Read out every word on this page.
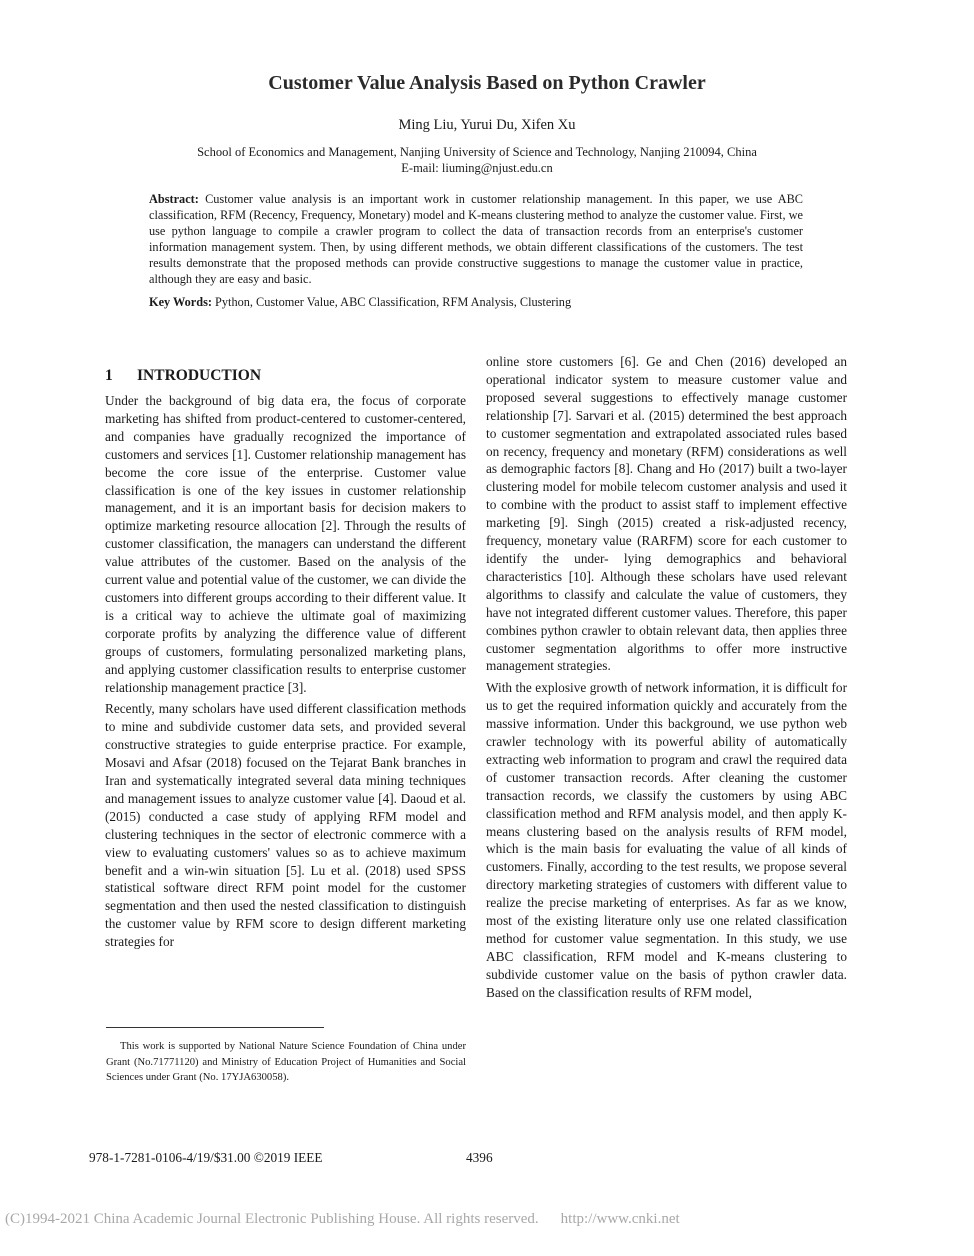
Customer Value Analysis Based on Python Crawler
Ming Liu, Yurui Du, Xifen Xu
School of Economics and Management, Nanjing University of Science and Technology, Nanjing 210094, China
E-mail: liuming@njust.edu.cn
Abstract: Customer value analysis is an important work in customer relationship management. In this paper, we use ABC classification, RFM (Recency, Frequency, Monetary) model and K-means clustering method to analyze the customer value. First, we use python language to compile a crawler program to collect the data of transaction records from an enterprise's customer information management system. Then, by using different methods, we obtain different classifications of the customers. The test results demonstrate that the proposed methods can provide constructive suggestions to manage the customer value in practice, although they are easy and basic.
Key Words: Python, Customer Value, ABC Classification, RFM Analysis, Clustering
1 INTRODUCTION

Under the background of big data era, the focus of corporate marketing has shifted from product-centered to customer-centered, and companies have gradually recognized the importance of customers and services [1]. Customer relationship management has become the core issue of the enterprise. Customer value classification is one of the key issues in customer relationship management, and it is an important basis for decision makers to optimize marketing resource allocation [2]. Through the results of customer classification, the managers can understand the different value attributes of the customer. Based on the analysis of the current value and potential value of the customer, we can divide the customers into different groups according to their different value. It is a critical way to achieve the ultimate goal of maximizing corporate profits by analyzing the difference value of different groups of customers, formulating personalized marketing plans, and applying customer classification results to enterprise customer relationship management practice [3].

Recently, many scholars have used different classification methods to mine and subdivide customer data sets, and provided several constructive strategies to guide enterprise practice. For example, Mosavi and Afsar (2018) focused on the Tejarat Bank branches in Iran and systematically integrated several data mining techniques and management issues to analyze customer value [4]. Daoud et al. (2015) conducted a case study of applying RFM model and clustering techniques in the sector of electronic commerce with a view to evaluating customers' values so as to achieve maximum benefit and a win-win situation [5]. Lu et al. (2018) used SPSS statistical software direct RFM point model for the customer segmentation and then used the nested classification to distinguish the customer value by RFM score to design different marketing strategies for

online store customers [6]. Ge and Chen (2016) developed an operational indicator system to measure customer value and proposed several suggestions to effectively manage customer relationship [7]. Sarvari et al. (2015) determined the best approach to customer segmentation and extrapolated associated rules based on recency, frequency and monetary (RFM) considerations as well as demographic factors [8]. Chang and Ho (2017) built a two-layer clustering model for mobile telecom customer analysis and used it to combine with the product to assist staff to implement effective marketing [9]. Singh (2015) created a risk-adjusted recency, frequency, monetary value (RARFM) score for each customer to identify the under- lying demographics and behavioral characteristics [10]. Although these scholars have used relevant algorithms to classify and calculate the value of customers, they have not integrated different customer values. Therefore, this paper combines python crawler to obtain relevant data, then applies three customer segmentation algorithms to offer more instructive management strategies.

With the explosive growth of network information, it is difficult for us to get the required information quickly and accurately from the massive information. Under this background, we use python web crawler technology with its powerful ability of automatically extracting web information to program and crawl the required data of customer transaction records. After cleaning the customer transaction records, we classify the customers by using ABC classification method and RFM analysis model, and then apply K-means clustering based on the analysis results of RFM model, which is the main basis for evaluating the value of all kinds of customers. Finally, according to the test results, we propose several directory marketing strategies of customers with different value to realize the precise marketing of enterprises. As far as we know, most of the existing literature only use one related classification method for customer value segmentation. In this study, we use ABC classification, RFM model and K-means clustering to subdivide customer value on the basis of python crawler data. Based on the classification results of RFM model,

This work is supported by National Nature Science Foundation of China under Grant (No.71771120) and Ministry of Education Project of Humanities and Social Sciences under Grant (No. 17YJA630058).
978-1-7281-0106-4/19/$31.00 ©2019 IEEE	4396
(C)1994-2021 China Academic Journal Electronic Publishing House. All rights reserved. http://www.cnki.net
